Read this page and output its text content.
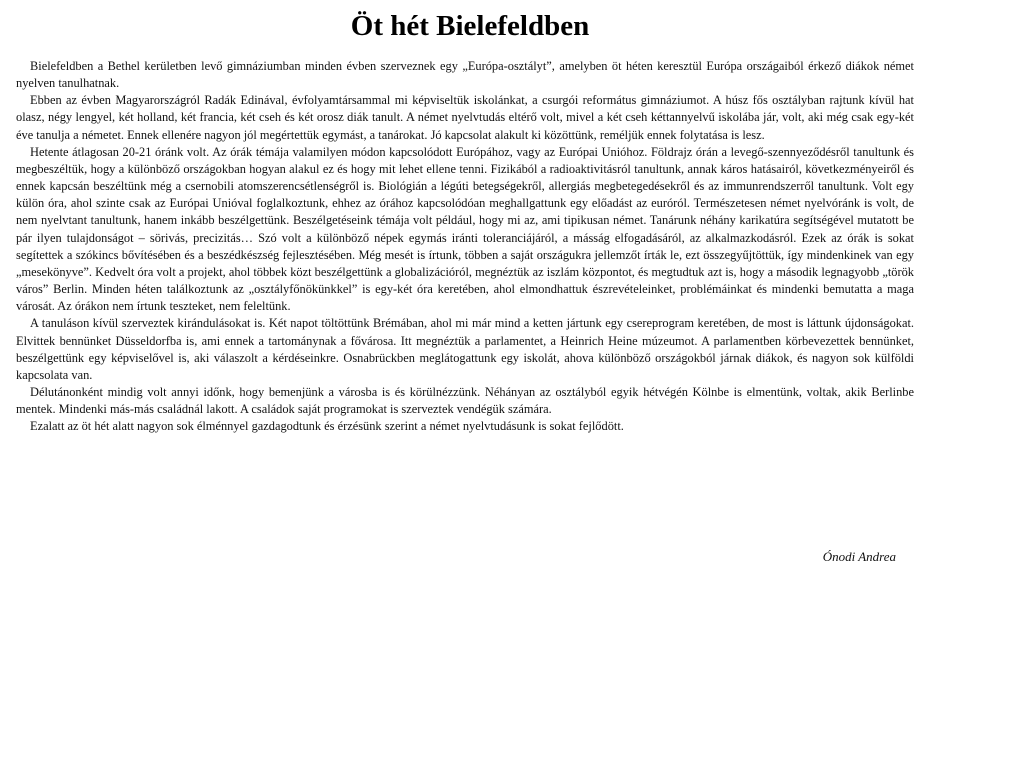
Öt hét Bielefeldben

Bielefeldben a Bethel kerületben levő gimnáziumban minden évben szerveznek egy „Európa-osztályt”, amelyben öt héten keresztül Európa országaiból érkező diákok német nyelven tanulhatnak.

Ebben az évben Magyarországról Radák Edinával, évfolyamtársammal mi képviseltük iskolánkat, a csurgói református gimnáziumot. A húsz fős osztályban rajtunk kívül hat olasz, négy lengyel, két holland, két francia, két cseh és két orosz diák tanult. A német nyelvtudás eltérő volt, mivel a két cseh kéttannyelvű iskolába jár, volt, aki még csak egy-két éve tanulja a németet. Ennek ellenére nagyon jól megértettük egymást, a tanárokat. Jó kapcsolat alakult ki közöttünk, reméljük ennek folytatása is lesz.

Hetente átlagosan 20-21 óránk volt. Az órák témája valamilyen módon kapcsolódott Európához, vagy az Európai Unióhoz. Földrajz órán a levegő-szennyeződésről tanultunk és megbeszéltük, hogy a különböző országokban hogyan alakul ez és hogy mit lehet ellene tenni. Fizikából a radioaktivitásról tanultunk, annak káros hatásairól, következményeiről és ennek kapcsán beszéltünk még a csernobili atomszerencsétlenségről is. Biológián a légúti betegségekről, allergiás megbetegedésekről és az immunrendszerről tanultunk. Volt egy külön óra, ahol szinte csak az Európai Unióval foglalkoztunk, ehhez az órához kapcsolódóan meghallgattunk egy előadást az euróról. Természetesen német nyelvóránk is volt, de nem nyelvtant tanultunk, hanem inkább beszélgettünk. Beszélgetéseink témája volt például, hogy mi az, ami tipikusan német. Tanárunk néhány karikatúra segítségével mutatott be pár ilyen tulajdonságot – sörivás, precizitás… Szó volt a különböző népek egymás iránti toleranciájáról, a másság elfogadásáról, az alkalmazkodásról. Ezek az órák is sokat segítettek a szókincs bővítésében és a beszédkészség fejlesztésében. Még mesét is írtunk, többen a saját országukra jellemzőt írták le, ezt összegyűjtöttük, így mindenkinek van egy „mesekönyve”. Kedvelt óra volt a projekt, ahol többek közt beszélgettünk a globalizációról, megnéztük az iszlám központot, és megtudtuk azt is, hogy a második legnagyobb „török város” Berlin. Minden héten találkoztunk az „osztályfőnökünkkel” is egy-két óra keretében, ahol elmondhattuk észrevételeinket, problémáinkat és mindenki bemutatta a maga városát. Az órákon nem írtunk teszteket, nem feleltünk.

A tanuláson kívül szerveztek kirándulásokat is. Két napot töltöttünk Brémában, ahol mi már mind a ketten jártunk egy csereprogram keretében, de most is láttunk újdonságokat. Elvittek bennünket Düsseldorfba is, ami ennek a tartománynak a fővárosa. Itt megnéztük a parlamentet, a Heinrich Heine múzeumot. A parlamentben körbevezettek bennünket, beszélgettünk egy képviselővel is, aki válaszolt a kérdéseinkre. Osnabrückben meglátogattunk egy iskolát, ahova különböző országokból járnak diákok, és nagyon sok külföldi kapcsolata van.

Délutánonként mindig volt annyi időnk, hogy bemenjünk a városba is és körülnézzünk. Néhányan az osztályból egyik hétvégén Kölnbe is elmentünk, voltak, akik Berlinbe mentek. Mindenki más-más családnál lakott. A családok saját programokat is szerveztek vendégük számára.

Ezalatt az öt hét alatt nagyon sok élménnyel gazdagodtunk és érzésünk szerint a német nyelvtudásunk is sokat fejlődött.

Ónodi Andrea
